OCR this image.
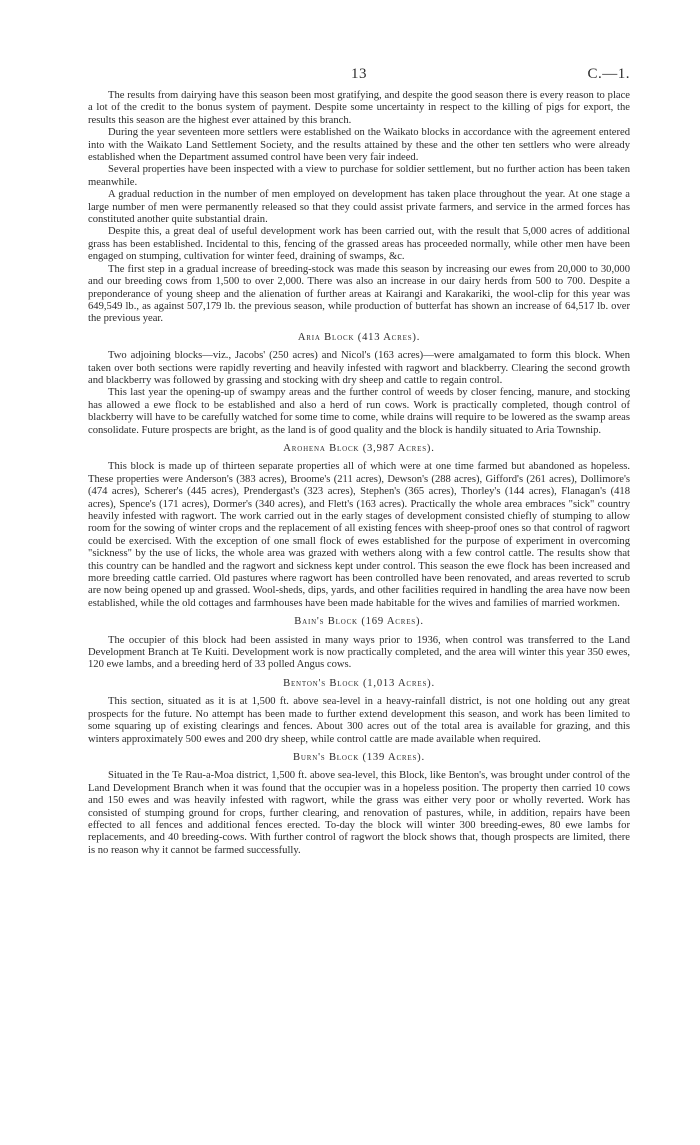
13	C.—1.

The results from dairying have this season been most gratifying, and despite the good season there is every reason to place a lot of the credit to the bonus system of payment. Despite some uncertainty in respect to the killing of pigs for export, the results this season are the highest ever attained by this branch.

During the year seventeen more settlers were established on the Waikato blocks in accordance with the agreement entered into with the Waikato Land Settlement Society, and the results attained by these and the other ten settlers who were already established when the Department assumed control have been very fair indeed.

Several properties have been inspected with a view to purchase for soldier settlement, but no further action has been taken meanwhile.

A gradual reduction in the number of men employed on development has taken place throughout the year. At one stage a large number of men were permanently released so that they could assist private farmers, and service in the armed forces has constituted another quite substantial drain.

Despite this, a great deal of useful development work has been carried out, with the result that 5,000 acres of additional grass has been established. Incidental to this, fencing of the grassed areas has proceeded normally, while other men have been engaged on stumping, cultivation for winter feed, draining of swamps, &c.

The first step in a gradual increase of breeding-stock was made this season by increasing our ewes from 20,000 to 30,000 and our breeding cows from 1,500 to over 2,000. There was also an increase in our dairy herds from 500 to 700. Despite a preponderance of young sheep and the alienation of further areas at Kairangi and Karakariki, the wool-clip for this year was 649,549 lb., as against 507,179 lb. the previous season, while production of butterfat has shown an increase of 64,517 lb. over the previous year.

Aria Block (413 Acres).

Two adjoining blocks—viz., Jacobs' (250 acres) and Nicol's (163 acres)—were amalgamated to form this block. When taken over both sections were rapidly reverting and heavily infested with ragwort and blackberry. Clearing the second growth and blackberry was followed by grassing and stocking with dry sheep and cattle to regain control.

This last year the opening-up of swampy areas and the further control of weeds by closer fencing, manure, and stocking has allowed a ewe flock to be established and also a herd of run cows. Work is practically completed, though control of blackberry will have to be carefully watched for some time to come, while drains will require to be lowered as the swamp areas consolidate. Future prospects are bright, as the land is of good quality and the block is handily situated to Aria Township.

Arohena Block (3,987 Acres).

This block is made up of thirteen separate properties all of which were at one time farmed but abandoned as hopeless. These properties were Anderson's (383 acres), Broome's (211 acres), Dewson's (288 acres), Gifford's (261 acres), Dollimore's (474 acres), Scherer's (445 acres), Prendergast's (323 acres), Stephen's (365 acres), Thorley's (144 acres), Flanagan's (418 acres), Spence's (171 acres), Dormer's (340 acres), and Flett's (163 acres). Practically the whole area embraces "sick" country heavily infested with ragwort. The work carried out in the early stages of development consisted chiefly of stumping to allow room for the sowing of winter crops and the replacement of all existing fences with sheep-proof ones so that control of ragwort could be exercised. With the exception of one small flock of ewes established for the purpose of experiment in overcoming "sickness" by the use of licks, the whole area was grazed with wethers along with a few control cattle. The results show that this country can be handled and the ragwort and sickness kept under control. This season the ewe flock has been increased and more breeding cattle carried. Old pastures where ragwort has been controlled have been renovated, and areas reverted to scrub are now being opened up and grassed. Wool-sheds, dips, yards, and other facilities required in handling the area have now been established, while the old cottages and farmhouses have been made habitable for the wives and families of married workmen.

Bain's Block (169 Acres).

The occupier of this block had been assisted in many ways prior to 1936, when control was transferred to the Land Development Branch at Te Kuiti. Development work is now practically completed, and the area will winter this year 350 ewes, 120 ewe lambs, and a breeding herd of 33 polled Angus cows.

Benton's Block (1,013 Acres).

This section, situated as it is at 1,500 ft. above sea-level in a heavy-rainfall district, is not one holding out any great prospects for the future. No attempt has been made to further extend development this season, and work has been limited to some squaring up of existing clearings and fences. About 300 acres out of the total area is available for grazing, and this winters approximately 500 ewes and 200 dry sheep, while control cattle are made available when required.

Burn's Block (139 Acres).

Situated in the Te Rau-a-Moa district, 1,500 ft. above sea-level, this Block, like Benton's, was brought under control of the Land Development Branch when it was found that the occupier was in a hopeless position. The property then carried 10 cows and 150 ewes and was heavily infested with ragwort, while the grass was either very poor or wholly reverted. Work has consisted of stumping ground for crops, further clearing, and renovation of pastures, while, in addition, repairs have been effected to all fences and additional fences erected. To-day the block will winter 300 breeding-ewes, 80 ewe lambs for replacements, and 40 breeding-cows. With further control of ragwort the block shows that, though prospects are limited, there is no reason why it cannot be farmed successfully.
